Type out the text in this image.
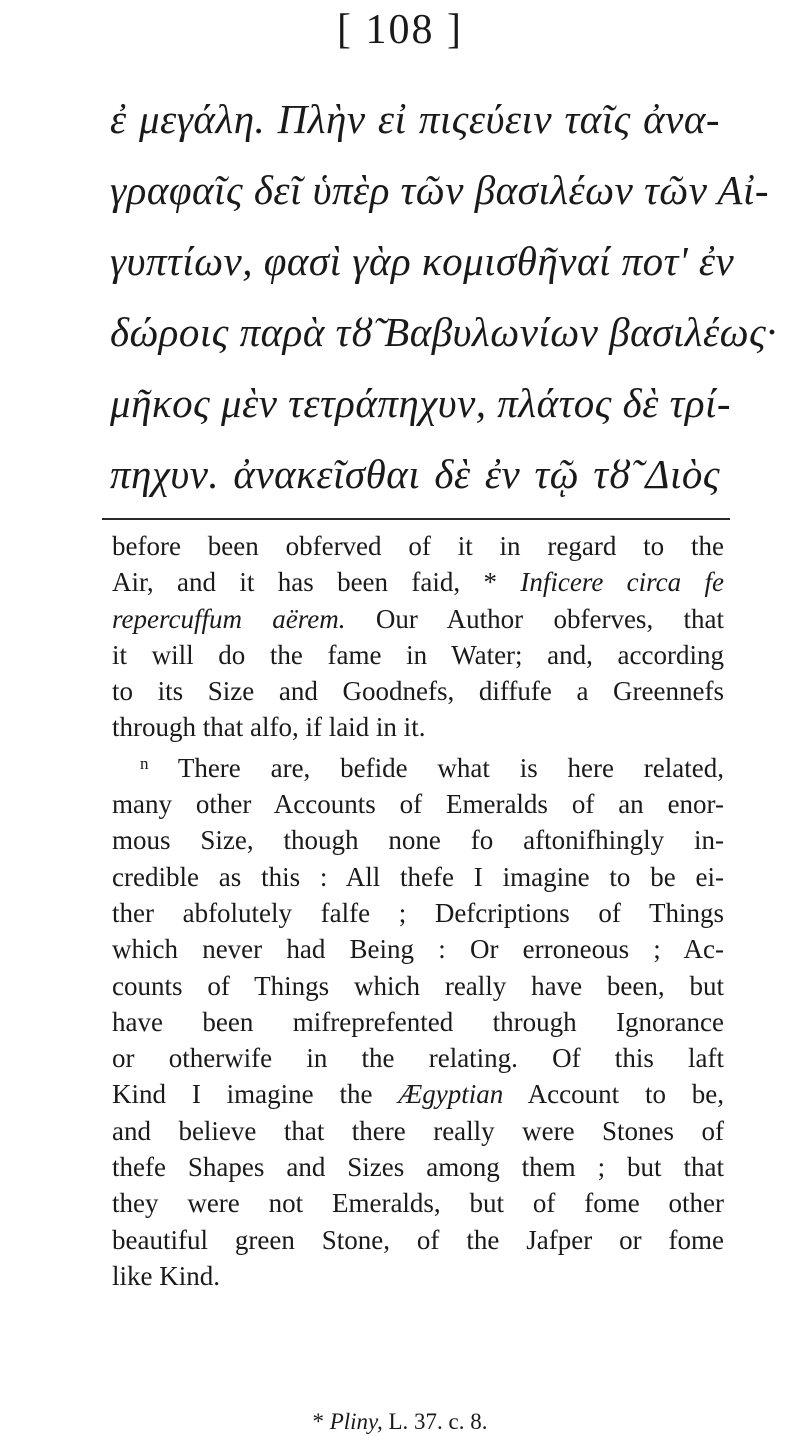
[ 108 ]
ἐ μεγάλη. Πλὴν εἰ πιςεύειν ταῖς ἀνα-
γραφαῖς δεῖ ὑπὲρ τῶν βασιλέων τῶν Αἰ-
γυπτίων, φασὶ γὰρ κομισθῆναί ποτ' ἐν
δώροις παρὰ τȣ̃ Βαβυλωνίων βασιλέως·
μῆκος μὲν τετράπηχυν, πλάτος δὲ τρί-
πηχυν. ἀνακεῖσθαι δὲ ἐν τῷ τȣ̃ Διὸς
before been obferved of it in regard to the
Air, and it has been faid, * Inficere circa fe
repercuffum aërem. Our Author obferves, that
it will do the fame in Water; and, according
to its Size and Goodnefs, diffufe a Greennefs
through that alfo, if laid in it.
$^n$ There are, befide what is here related,
many other Accounts of Emeralds of an enor-
mous Size, though none fo aftonifhingly in-
credible as this : All thefe I imagine to be ei-
ther abfolutely falfe ; Defcriptions of Things
which never had Being : Or erroneous ; Ac-
counts of Things which really have been, but
have been mifreprefented through Ignorance
or otherwife in the relating. Of this laft
Kind I imagine the Ægyptian Account to be,
and believe that there really were Stones of
thefe Shapes and Sizes among them ; but that
they were not Emeralds, but of fome other
beautiful green Stone, of the Jafper or fome
like Kind.
* Pliny, L. 37. c. 8.
